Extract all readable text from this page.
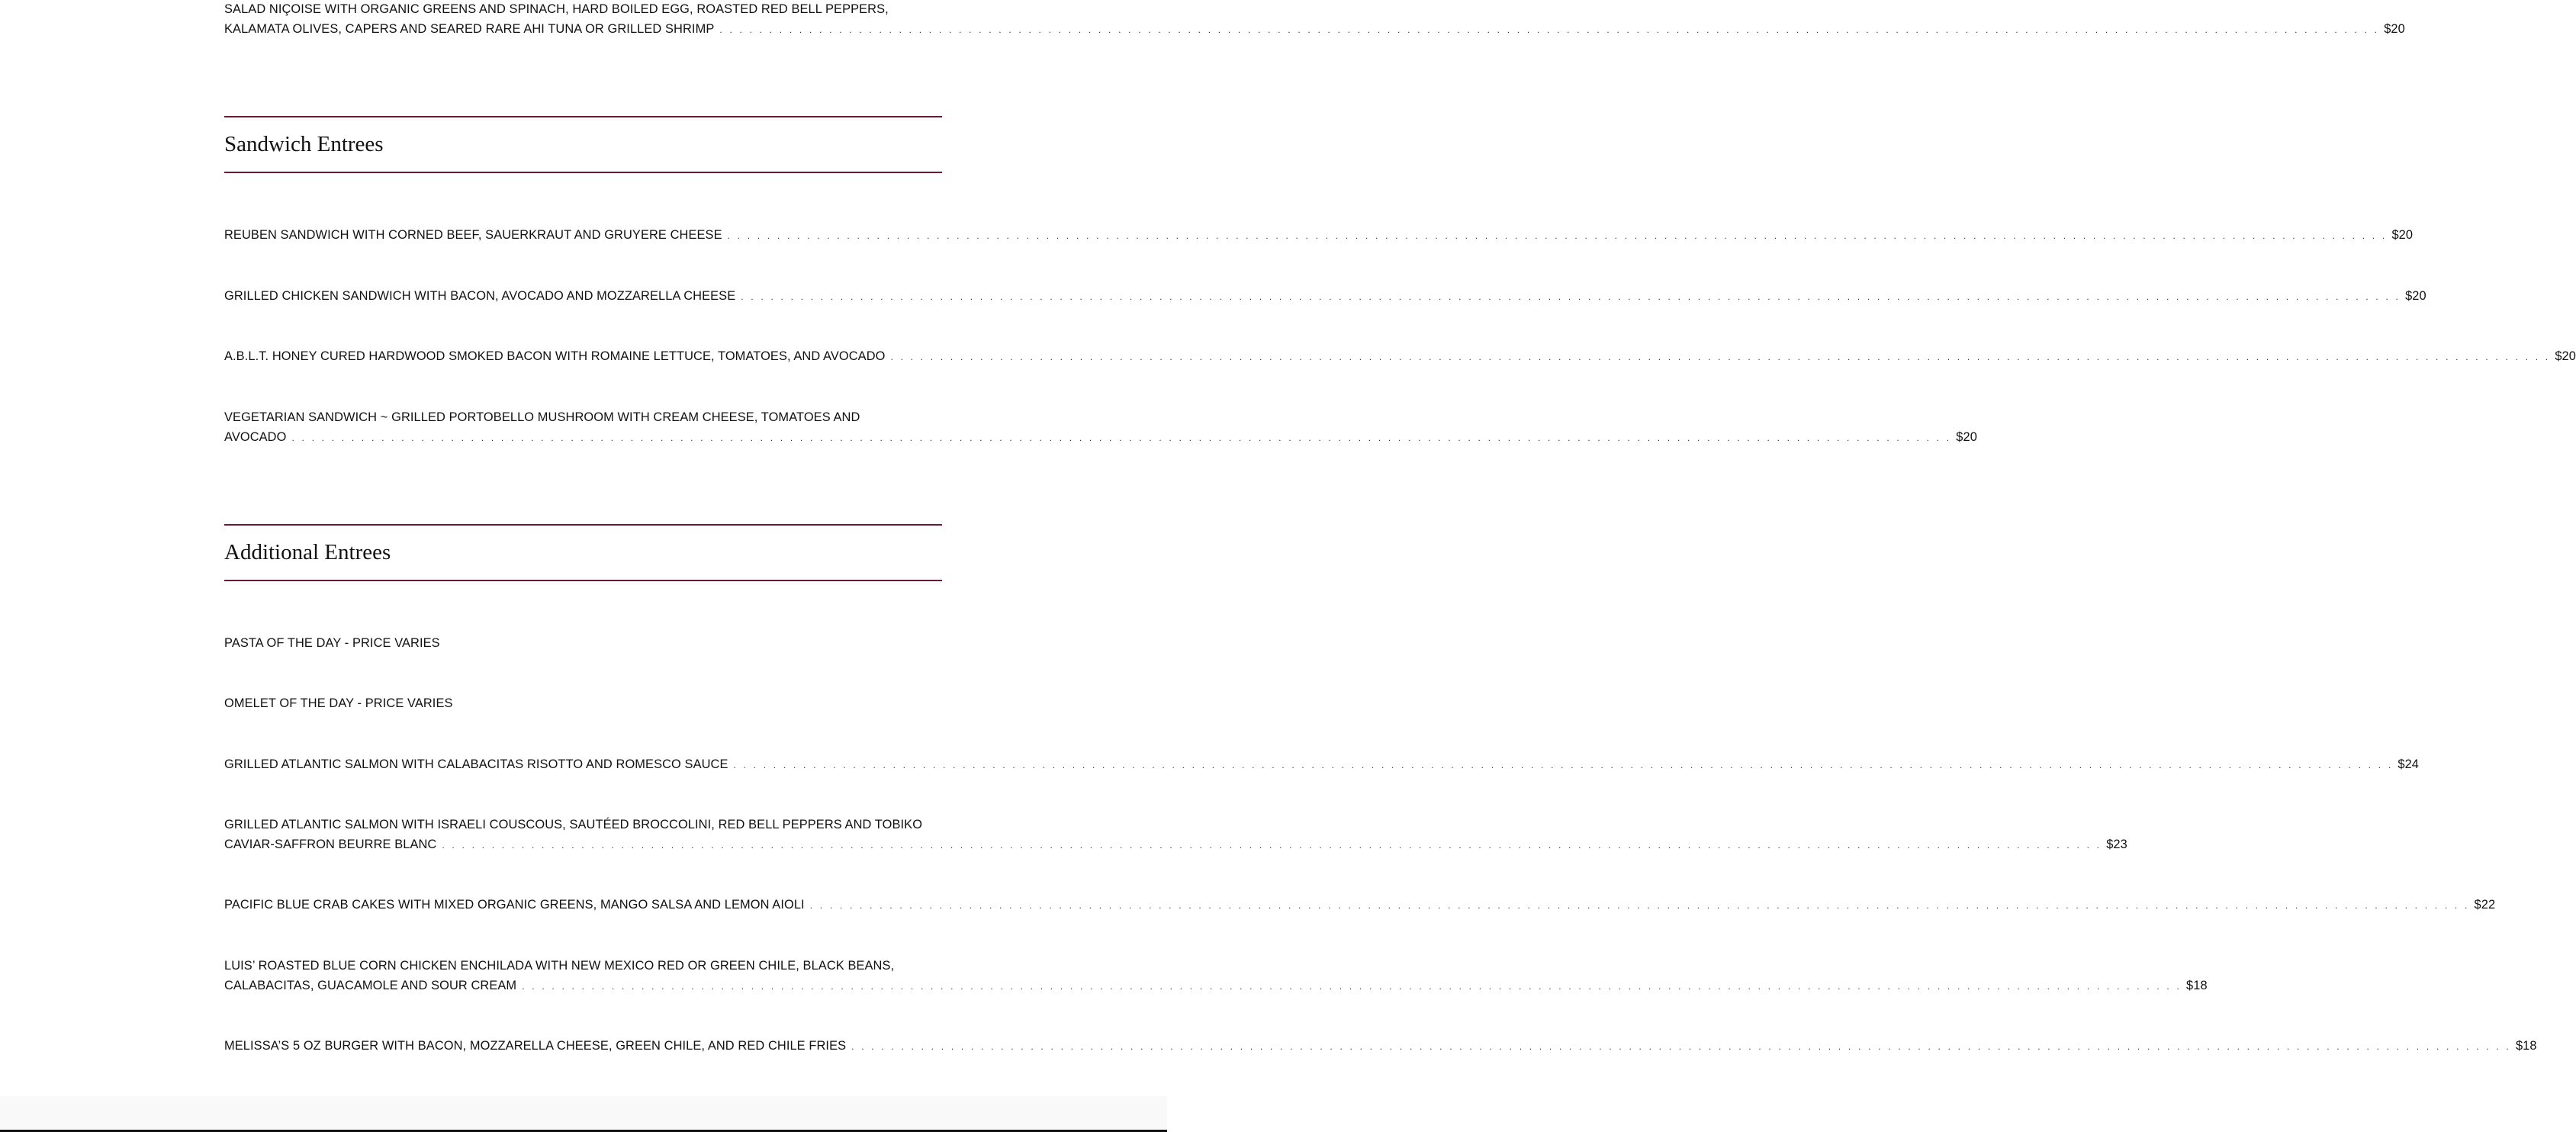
SALAD NIÇOISE WITH ORGANIC GREENS AND SPINACH, HARD BOILED EGG, ROASTED RED BELL PEPPERS,
KALAMATA OLIVES, CAPERS AND SEARED RARE AHI TUNA OR GRILLED SHRIMP . . . . . . . . . . . . . . . . . . . . . . . . . . . . . . . . . . . . . . . . . . . . . . . . . . . . . . . . . . . . . . . . . . . . . . . . . . . . . . . . . . . . . . . . . . . . . . . . . . . . . . . . . . . . . . . . . . . . . . . . . . . . . . . . . . . . . . . . . . . . . . . . . . . . . . . . . . . . . . . . . . . . . . . $20
Sandwich Entrees
REUBEN SANDWICH WITH CORNED BEEF, SAUERKRAUT AND GRUYERE CHEESE . . . . . . . . . . . . . . . . . . . . . . . . . . . . . . . . . . . . . . . . . . . . . . . . . . . . . . . . . . . . . . . . . . . . . . . . . . . . . . . . . . . . . . . . . . . . . . . . . . . . . . . . . . . . . . . . . . . . . . . . . . . . . . . . . . . . . . . . . . . . . . . . . . . . . . . . . . . . . . . . . . . . . . . $20
GRILLED CHICKEN SANDWICH WITH BACON, AVOCADO AND MOZZARELLA CHEESE . . . . . . . . . . . . . . . . . . . . . . . . . . . . . . . . . . . . . . . . . . . . . . . . . . . . . . . . . . . . . . . . . . . . . . . . . . . . . . . . . . . . . . . . . . . . . . . . . . . . . . . . . . . . . . . . . . . . . . . . . . . . . . . . . . . . . . . . . . . . . . . . . . . . . . . . . . . . . . . . . . . . . . . $20
A.B.L.T. HONEY CURED HARDWOOD SMOKED BACON WITH ROMAINE LETTUCE, TOMATOES, AND AVOCADO . . . . . . . . . . . . . . . . . . . . . . . . . . . . . . . . . . . . . . . . . . . . . . . . . . . . . . . . . . . . . . . . . . . . . . . . . . . . . . . . . . . . . . . . . . . . . . . . . . . . . . . . . . . . . . . . . . . . . . . . . . . . . . . . . . . . . . . . . . . . . . . . . . . . . . . . . . . . . . . . . . . . . . . $20
VEGETARIAN SANDWICH ~ GRILLED PORTOBELLO MUSHROOM WITH CREAM CHEESE, TOMATOES AND
AVOCADO . . . . . . . . . . . . . . . . . . . . . . . . . . . . . . . . . . . . . . . . . . . . . . . . . . . . . . . . . . . . . . . . . . . . . . . . . . . . . . . . . . . . . . . . . . . . . . . . . . . . . . . . . . . . . . . . . . . . . . . . . . . . . . . . . . . . . . . . . . . . . . . . . . . . . . . . . . . . . . . . . . . . . . . $20
Additional Entrees
PASTA OF THE DAY - PRICE VARIES
OMELET OF THE DAY - PRICE VARIES
GRILLED ATLANTIC SALMON WITH CALABACITAS RISOTTO AND ROMESCO SAUCE . . . . . . . . . . . . . . . . . . . . . . . . . . . . . . . . . . . . . . . . . . . . . . . . . . . . . . . . . . . . . . . . . . . . . . . . . . . . . . . . . . . . . . . . . . . . . . . . . . . . . . . . . . . . . . . . . . . . . . . . . . . . . . . . . . . . . . . . . . . . . . . . . . . . . . . . . . . . . . . . . . . . . . . $24
GRILLED ATLANTIC SALMON WITH ISRAELI COUSCOUS, SAUTÉED BROCCOLINI, RED BELL PEPPERS AND TOBIKO
CAVIAR-SAFFRON BEURRE BLANC . . . . . . . . . . . . . . . . . . . . . . . . . . . . . . . . . . . . . . . . . . . . . . . . . . . . . . . . . . . . . . . . . . . . . . . . . . . . . . . . . . . . . . . . . . . . . . . . . . . . . . . . . . . . . . . . . . . . . . . . . . . . . . . . . . . . . . . . . . . . . . . . . . . . . . . . . . . . . . . . . . . . . . . $23
PACIFIC BLUE CRAB CAKES WITH MIXED ORGANIC GREENS, MANGO SALSA AND LEMON AIOLI . . . . . . . . . . . . . . . . . . . . . . . . . . . . . . . . . . . . . . . . . . . . . . . . . . . . . . . . . . . . . . . . . . . . . . . . . . . . . . . . . . . . . . . . . . . . . . . . . . . . . . . . . . . . . . . . . . . . . . . . . . . . . . . . . . . . . . . . . . . . . . . . . . . . . . . . . . . . . . . . . . . . . . . $22
LUIS’ ROASTED BLUE CORN CHICKEN ENCHILADA WITH NEW MEXICO RED OR GREEN CHILE, BLACK BEANS,
CALABACITAS, GUACAMOLE AND SOUR CREAM . . . . . . . . . . . . . . . . . . . . . . . . . . . . . . . . . . . . . . . . . . . . . . . . . . . . . . . . . . . . . . . . . . . . . . . . . . . . . . . . . . . . . . . . . . . . . . . . . . . . . . . . . . . . . . . . . . . . . . . . . . . . . . . . . . . . . . . . . . . . . . . . . . . . . . . . . . . . . . . . . . . . . . . $18
MELISSA’S 5 OZ BURGER WITH BACON, MOZZARELLA CHEESE, GREEN CHILE, AND RED CHILE FRIES . . . . . . . . . . . . . . . . . . . . . . . . . . . . . . . . . . . . . . . . . . . . . . . . . . . . . . . . . . . . . . . . . . . . . . . . . . . . . . . . . . . . . . . . . . . . . . . . . . . . . . . . . . . . . . . . . . . . . . . . . . . . . . . . . . . . . . . . . . . . . . . . . . . . . . . . . . . . . . . . . . . . . . . $18
